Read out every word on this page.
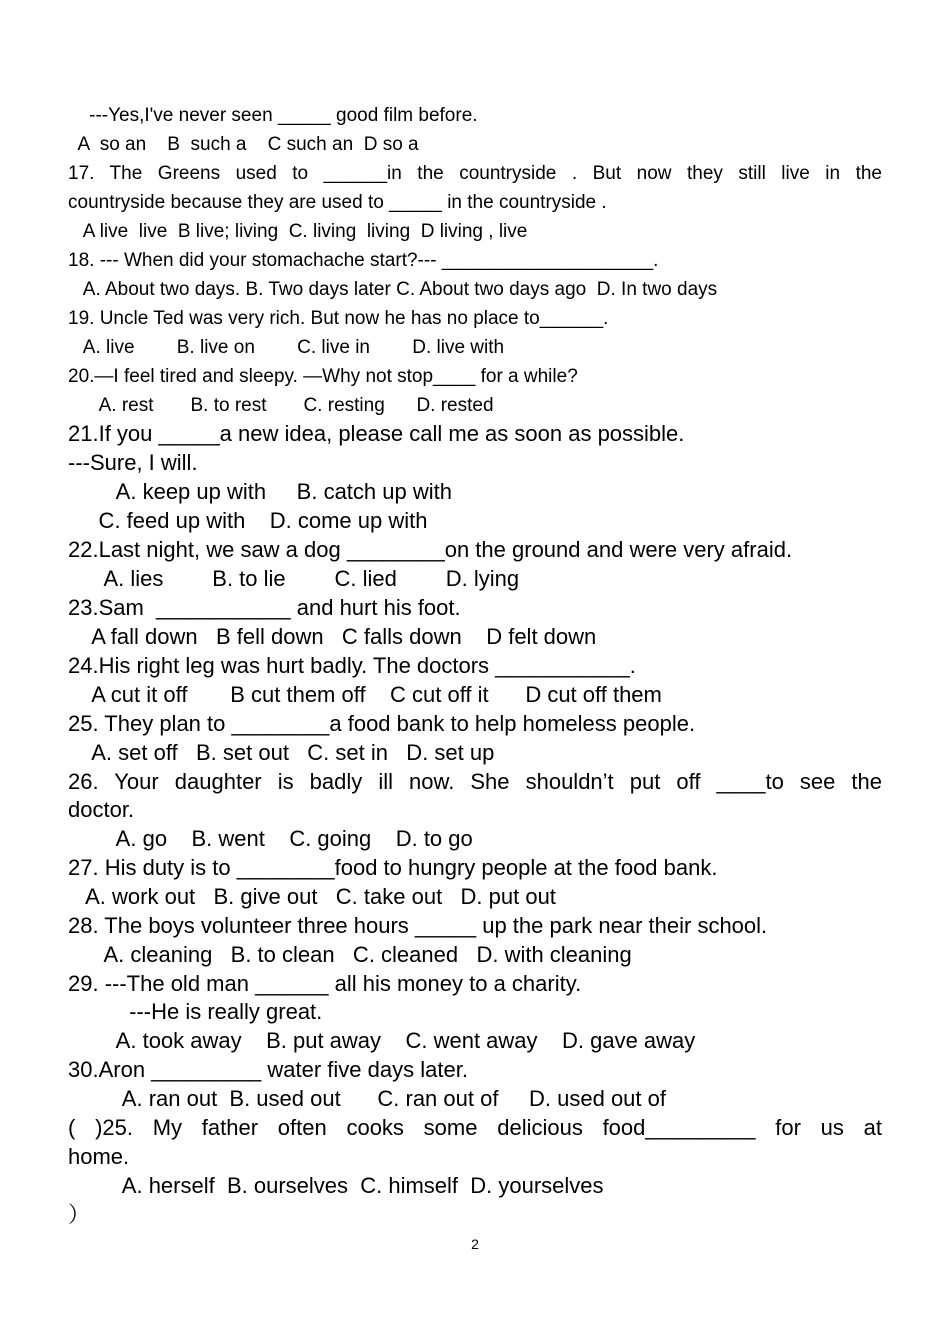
---Yes,I've never seen _____ good film before.
A  so an    B  such a    C such an  D so a
17. The Greens used to ______in the countryside . But now they still live in the
countryside because they are used to _____ in the countryside .
A live  live  B live; living  C. living  living  D living , live
18. --- When did your stomachache start?--- ____________________.
A. About two days. B. Two days later C. About two days ago  D. In two days
19. Uncle Ted was very rich. But now he has no place to______.
A. live        B. live on        C. live in        D. live with
20.—I feel tired and sleepy. —Why not stop____ for a while?
A. rest       B. to rest       C. resting      D. rested
21.If you _____a new idea, please call me as soon as possible.
---Sure, I will.
A. keep up with     B. catch up with
C. feed up with    D. come up with
22.Last night, we saw a dog ________on the ground and were very afraid.
A. lies        B. to lie        C. lied        D. lying
23.Sam  ___________ and hurt his foot.
A fall down   B fell down   C falls down    D felt down
24.His right leg was hurt badly. The doctors ___________.
A cut it off       B cut them off    C cut off it      D cut off them
25. They plan to ________a food bank to help homeless people.
A. set off   B. set out   C. set in   D. set up
26. Your daughter is badly ill now. She shouldn’t put off ____to see the
doctor.
A. go    B. went    C. going    D. to go
27. His duty is to ________food to hungry people at the food bank.
A. work out   B. give out   C. take out   D. put out
28. The boys volunteer three hours _____ up the park near their school.
A. cleaning   B. to clean   C. cleaned   D. with cleaning
29. ---The old man ______ all his money to a charity.
---He is really great.
A. took away    B. put away    C. went away    D. gave away
30.Aron _________ water five days later.
A. ran out  B. used out      C. ran out of     D. used out of
( )25. My father often cooks some delicious food_________ for us at
home.
A. herself  B. ourselves  C. himself  D. yourselves
）
2
